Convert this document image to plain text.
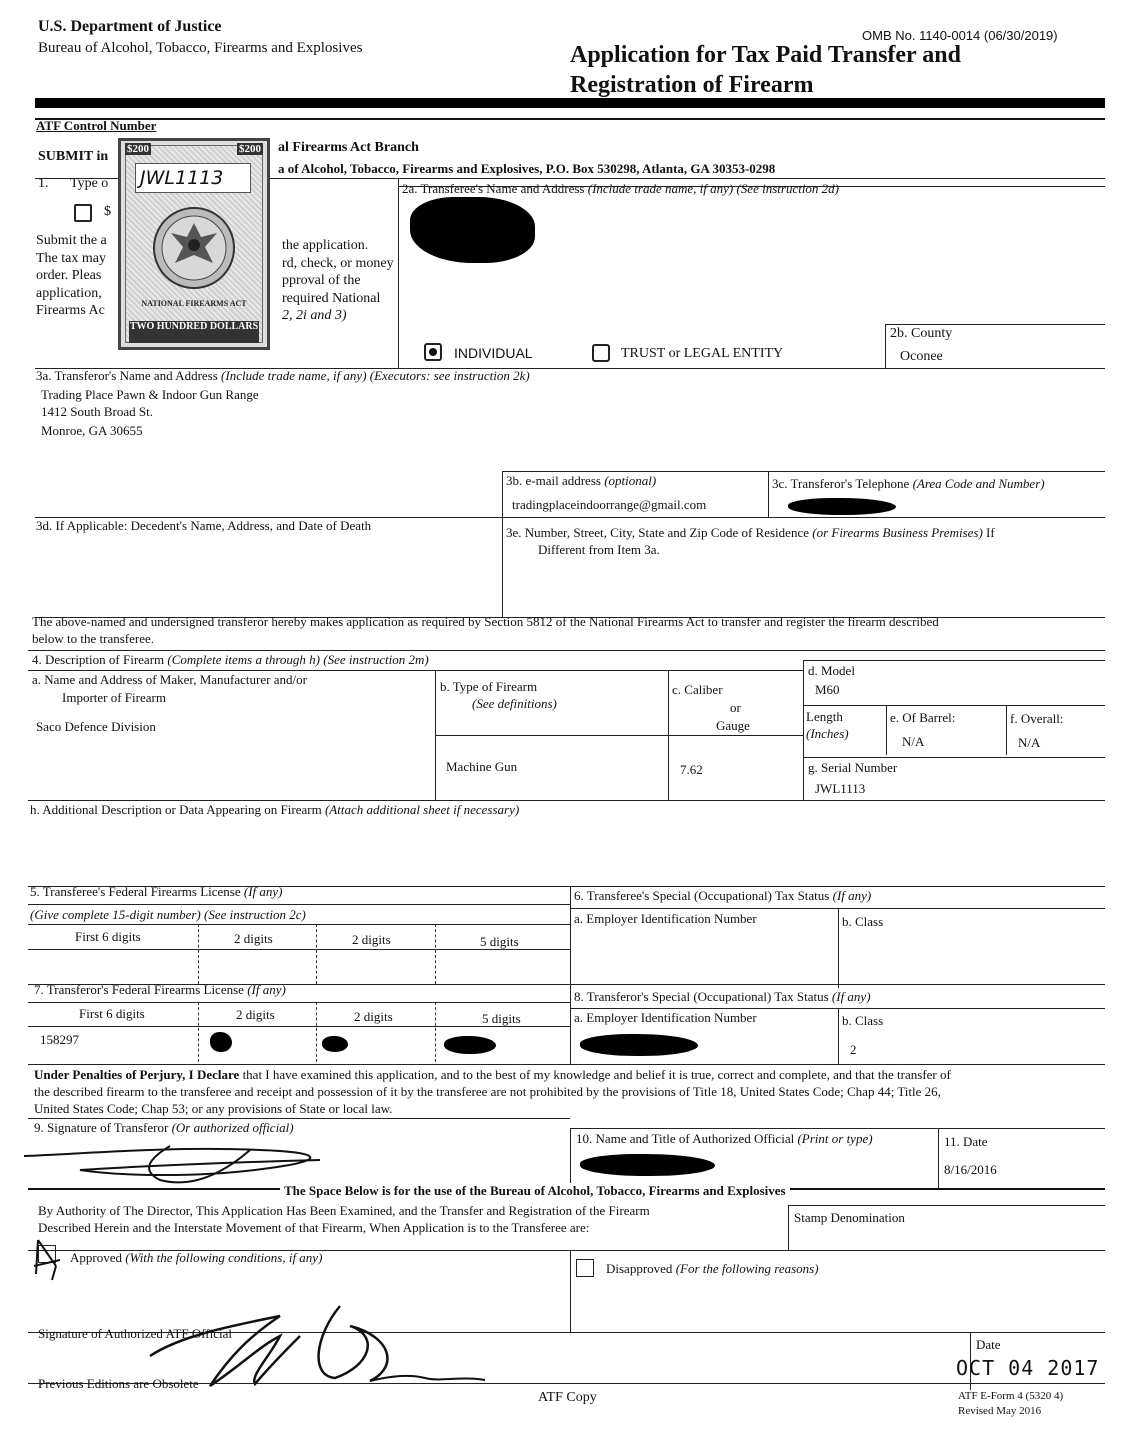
U.S. Department of Justice
Bureau of Alcohol, Tobacco, Firearms and Explosives
OMB No. 1140-0014 (06/30/2019)
Application for Tax Paid Transfer and
Registration of Firearm
ATF Control Number
SUBMIT in
al Firearms Act Branch
a of Alcohol, Tobacco, Firearms and Explosives, P.O. Box 530298, Atlanta, GA 30353-0298
1. Type o
$
Submit the a
The tax may
order. Pleas
application,
Firearms Ac
the application.
rd, check, or money
pproval of the
required National
2, 2i and 3)
$200	$200
JWL1113
NATIONAL FIREARMS ACT
TWO HUNDRED DOLLARS
2a. Transferee's Name and Address (Include trade name, if any) (See instruction 2d)
2b. County
Oconee
INDIVIDUAL	TRUST or LEGAL ENTITY
3a. Transferor's Name and Address (Include trade name, if any) (Executors: see instruction 2k)
Trading Place Pawn & Indoor Gun Range
1412 South Broad St.
Monroe, GA 30655
3b. e-mail address (optional)
tradingplaceindoorrange@gmail.com
3c. Transferor's Telephone (Area Code and Number)
3d. If Applicable: Decedent's Name, Address, and Date of Death	3e. Number, Street, City, State and Zip Code of Residence (or Firearms Business Premises) If
Different from Item 3a.
The above-named and undersigned transferor hereby makes application as required by Section 5812 of the National Firearms Act to transfer and register the firearm described
below to the transferee.
4. Description of Firearm (Complete items a through h) (See instruction 2m)
a. Name and Address of Maker, Manufacturer and/or
Importer of Firearm
Saco Defence Division
b. Type of Firearm
(See definitions)
Machine Gun
c. Caliber
or
Gauge
7.62
d. Model
M60
Length
(Inches)
e. Of Barrel:
N/A
f. Overall:
N/A
g. Serial Number
JWL1113
h. Additional Description or Data Appearing on Firearm (Attach additional sheet if necessary)
5. Transferee's Federal Firearms License (If any)
(Give complete 15-digit number) (See instruction 2c)
First 6 digits	2 digits	2 digits	5 digits
6. Transferee's Special (Occupational) Tax Status (If any)
a. Employer Identification Number	b. Class
7. Transferor's Federal Firearms License (If any)
First 6 digits	2 digits	2 digits	5 digits
158297
8. Transferor's Special (Occupational) Tax Status (If any)
a. Employer Identification Number	b. Class
2
Under Penalties of Perjury, I Declare that I have examined this application, and to the best of my knowledge and belief it is true, correct and complete, and that the transfer of
the described firearm to the transferee and receipt and possession of it by the transferee are not prohibited by the provisions of Title 18, United States Code; Chap 44; Title 26,
United States Code; Chap 53; or any provisions of State or local law.
9. Signature of Transferor (Or authorized official)
10. Name and Title of Authorized Official (Print or type)	11. Date
8/16/2016
The Space Below is for the use of the Bureau of Alcohol, Tobacco, Firearms and Explosives
By Authority of The Director, This Application Has Been Examined, and the Transfer and Registration of the Firearm
Described Herein and the Interstate Movement of that Firearm, When Application is to the Transferee are:
Stamp Denomination
Approved (With the following conditions, if any)
Disapproved (For the following reasons)
Signature of Authorized ATF Official
Date
OCT 04 2017
Previous Editions are Obsolete
ATF Copy	ATF E-Form 4 (5320 4)
Revised May 2016
